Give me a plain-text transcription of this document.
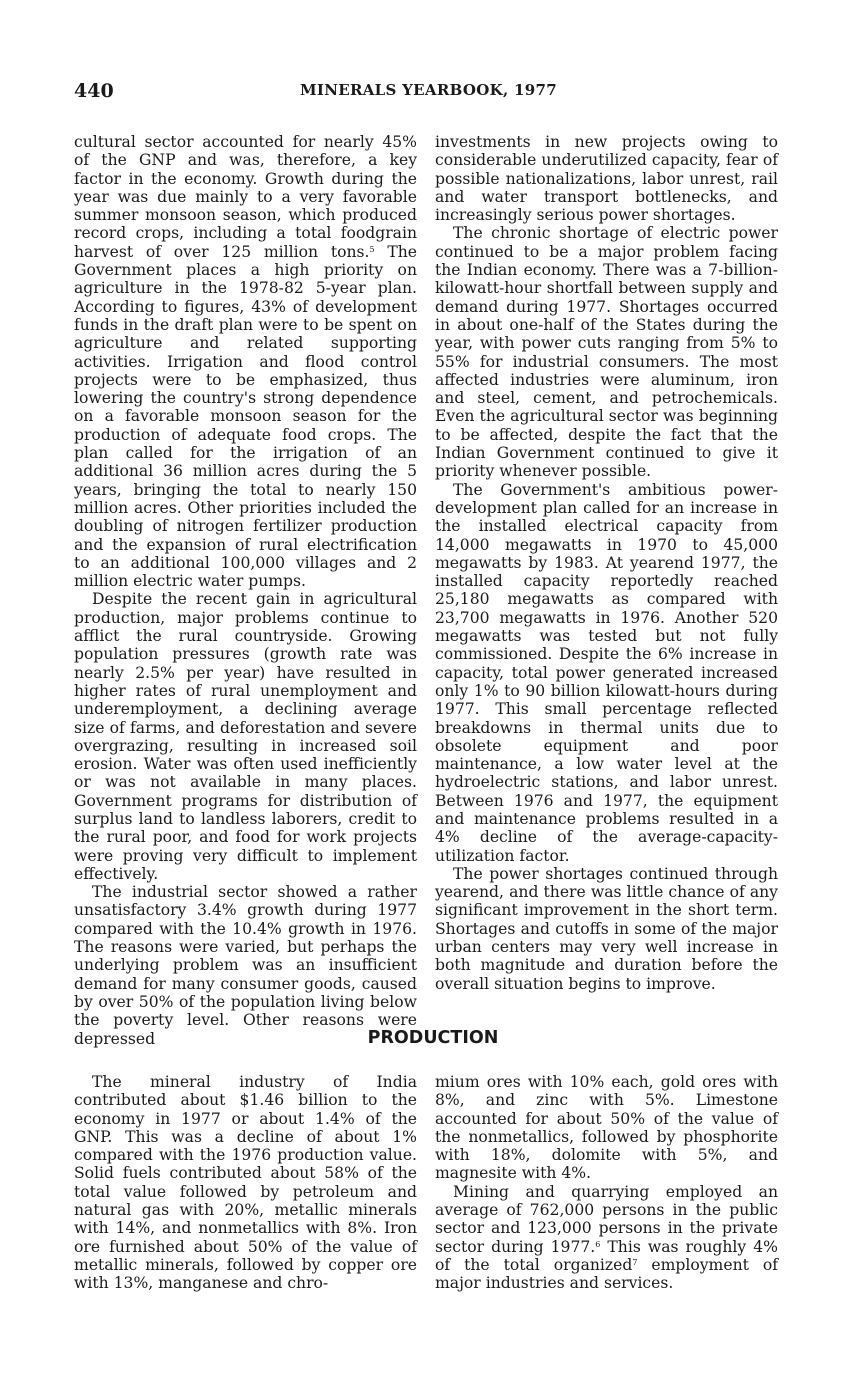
440	MINERALS YEARBOOK, 1977

cultural sector accounted for nearly 45% of the GNP and was, therefore, a key factor in the economy. Growth during the year was due mainly to a very favorable summer monsoon season, which produced record crops, including a total foodgrain harvest of over 125 million tons.$^5$ The Government places a high priority on agriculture in the 1978-82 5-year plan. According to figures, 43% of development funds in the draft plan were to be spent on agriculture and related supporting activities. Irrigation and flood control projects were to be emphasized, thus lowering the country's strong dependence on a favorable monsoon season for the production of adequate food crops. The plan called for the irrigation of an additional 36 million acres during the 5 years, bringing the total to nearly 150 million acres. Other priorities included the doubling of nitrogen fertilizer production and the expansion of rural electrification to an additional 100,000 villages and 2 million electric water pumps.

Despite the recent gain in agricultural production, major problems continue to afflict the rural countryside. Growing population pressures (growth rate was nearly 2.5% per year) have resulted in higher rates of rural unemployment and underemployment, a declining average size of farms, and deforestation and severe overgrazing, resulting in increased soil erosion. Water was often used inefficiently or was not available in many places. Government programs for distribution of surplus land to landless laborers, credit to the rural poor, and food for work projects were proving very difficult to implement effectively.

The industrial sector showed a rather unsatisfactory 3.4% growth during 1977 compared with the 10.4% growth in 1976. The reasons were varied, but perhaps the underlying problem was an insufficient demand for many consumer goods, caused by over 50% of the population living below the poverty level. Other reasons were depressed

investments in new projects owing to considerable underutilized capacity, fear of possible nationalizations, labor unrest, rail and water transport bottlenecks, and increasingly serious power shortages.

The chronic shortage of electric power continued to be a major problem facing the Indian economy. There was a 7-billion-kilowatt-hour shortfall between supply and demand during 1977. Shortages occurred in about one-half of the States during the year, with power cuts ranging from 5% to 55% for industrial consumers. The most affected industries were aluminum, iron and steel, cement, and petrochemicals. Even the agricultural sector was beginning to be affected, despite the fact that the Indian Government continued to give it priority whenever possible.

The Government's ambitious power-development plan called for an increase in the installed electrical capacity from 14,000 megawatts in 1970 to 45,000 megawatts by 1983. At yearend 1977, the installed capacity reportedly reached 25,180 megawatts as compared with 23,700 megawatts in 1976. Another 520 megawatts was tested but not fully commissioned. Despite the 6% increase in capacity, total power generated increased only 1% to 90 billion kilowatt-hours during 1977. This small percentage reflected breakdowns in thermal units due to obsolete equipment and poor maintenance, a low water level at the hydroelectric stations, and labor unrest. Between 1976 and 1977, the equipment and maintenance problems resulted in a 4% decline of the average-capacity-utilization factor.

The power shortages continued through yearend, and there was little chance of any significant improvement in the short term. Shortages and cutoffs in some of the major urban centers may very well increase in both magnitude and duration before the overall situation begins to improve.

PRODUCTION

The mineral industry of India contributed about $1.46 billion to the economy in 1977 or about 1.4% of the GNP. This was a decline of about 1% compared with the 1976 production value. Solid fuels contributed about 58% of the total value followed by petroleum and natural gas with 20%, metallic minerals with 14%, and nonmetallics with 8%. Iron ore furnished about 50% of the value of metallic minerals, followed by copper ore with 13%, manganese and chro-

mium ores with 10% each, gold ores with 8%, and zinc with 5%. Limestone accounted for about 50% of the value of the nonmetallics, followed by phosphorite with 18%, dolomite with 5%, and magnesite with 4%.

Mining and quarrying employed an average of 762,000 persons in the public sector and 123,000 persons in the private sector during 1977.$^6$ This was roughly 4% of the total organized$^7$ employment of major industries and services.
